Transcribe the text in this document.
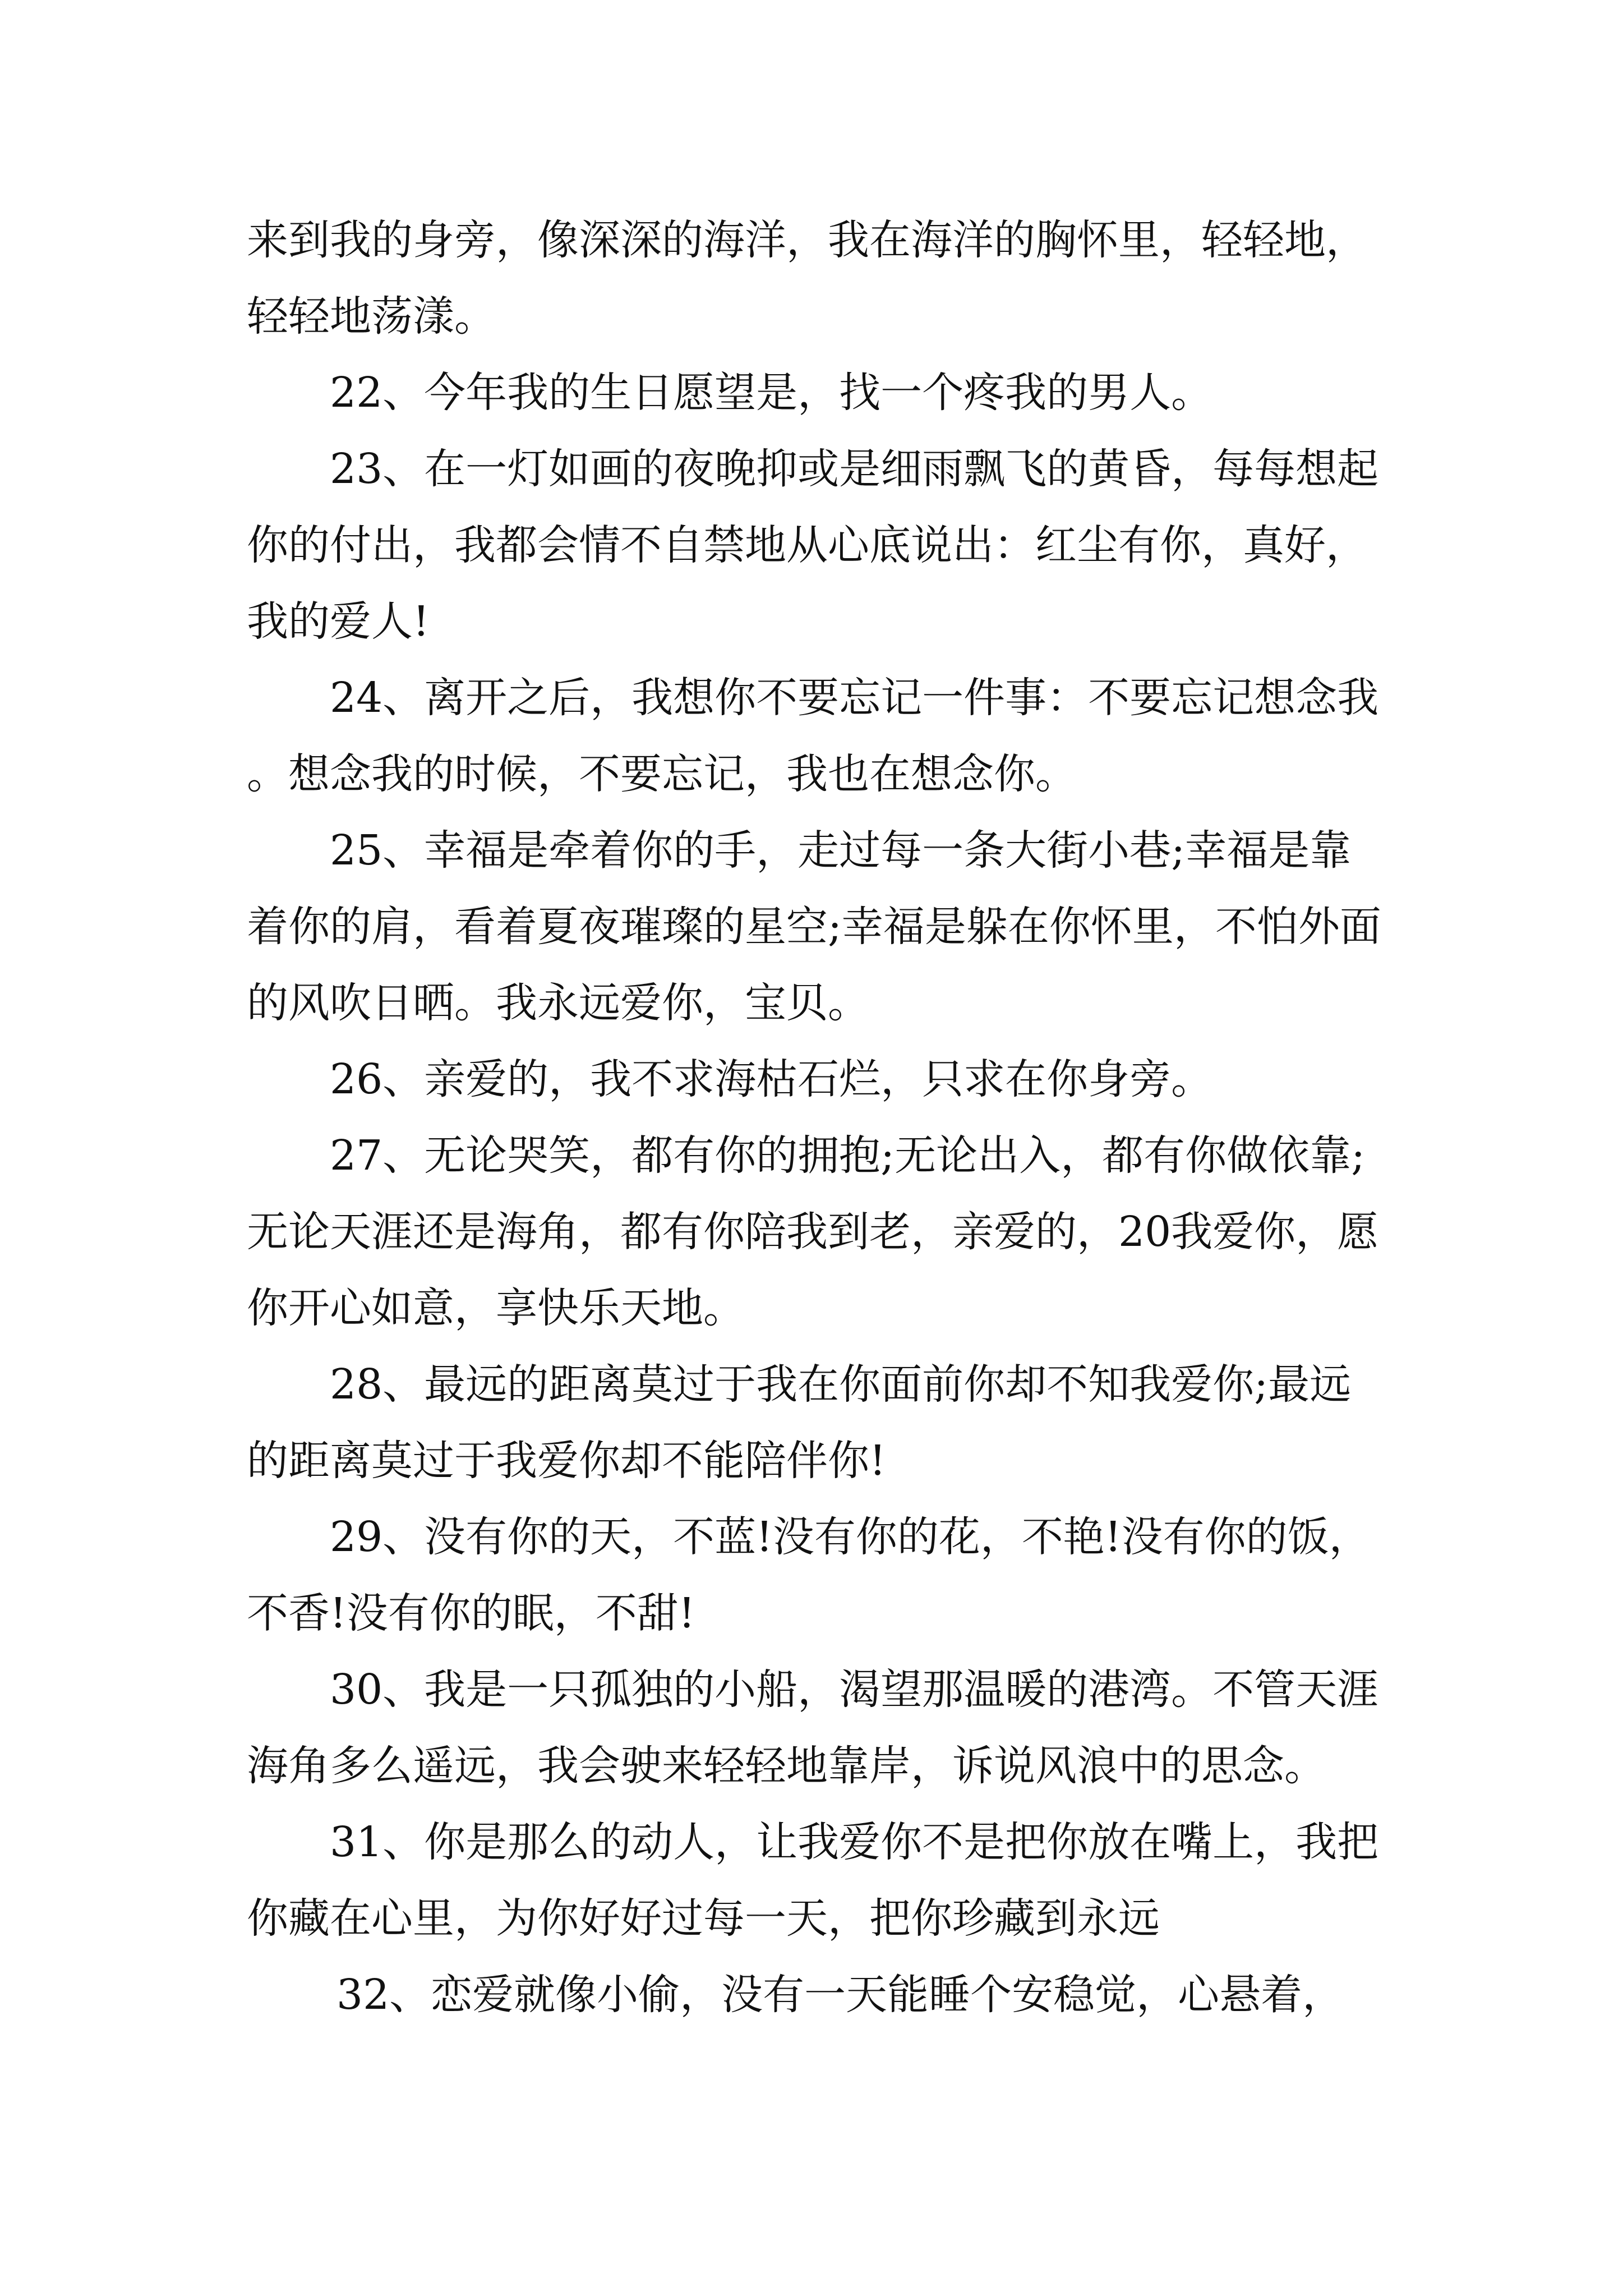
来到我的身旁，像深深的海洋，我在海洋的胸怀里，轻轻地，轻轻地荡漾。

22、今年我的生日愿望是，找一个疼我的男人。

23、在一灯如画的夜晚抑或是细雨飘飞的黄昏，每每想起你的付出，我都会情不自禁地从心底说出：红尘有你，真好，我的爱人!

24、离开之后，我想你不要忘记一件事：不要忘记想念我。想念我的时候，不要忘记，我也在想念你。

25、幸福是牵着你的手，走过每一条大街小巷;幸福是靠着你的肩，看着夏夜璀璨的星空;幸福是躲在你怀里，不怕外面的风吹日晒。我永远爱你，宝贝。

26、亲爱的，我不求海枯石烂，只求在你身旁。

27、无论哭笑，都有你的拥抱;无论出入，都有你做依靠;无论天涯还是海角，都有你陪我到老，亲爱的，20我爱你，愿你开心如意，享快乐天地。

28、最远的距离莫过于我在你面前你却不知我爱你;最远的距离莫过于我爱你却不能陪伴你!

29、没有你的天，不蓝!没有你的花，不艳!没有你的饭，不香!没有你的眠，不甜!

30、我是一只孤独的小船，渴望那温暖的港湾。不管天涯海角多么遥远，我会驶来轻轻地靠岸，诉说风浪中的思念。

31、你是那么的动人，让我爱你不是把你放在嘴上，我把你藏在心里，为你好好过每一天，把你珍藏到永远

32、恋爱就像小偷，没有一天能睡个安稳觉，心悬着，
